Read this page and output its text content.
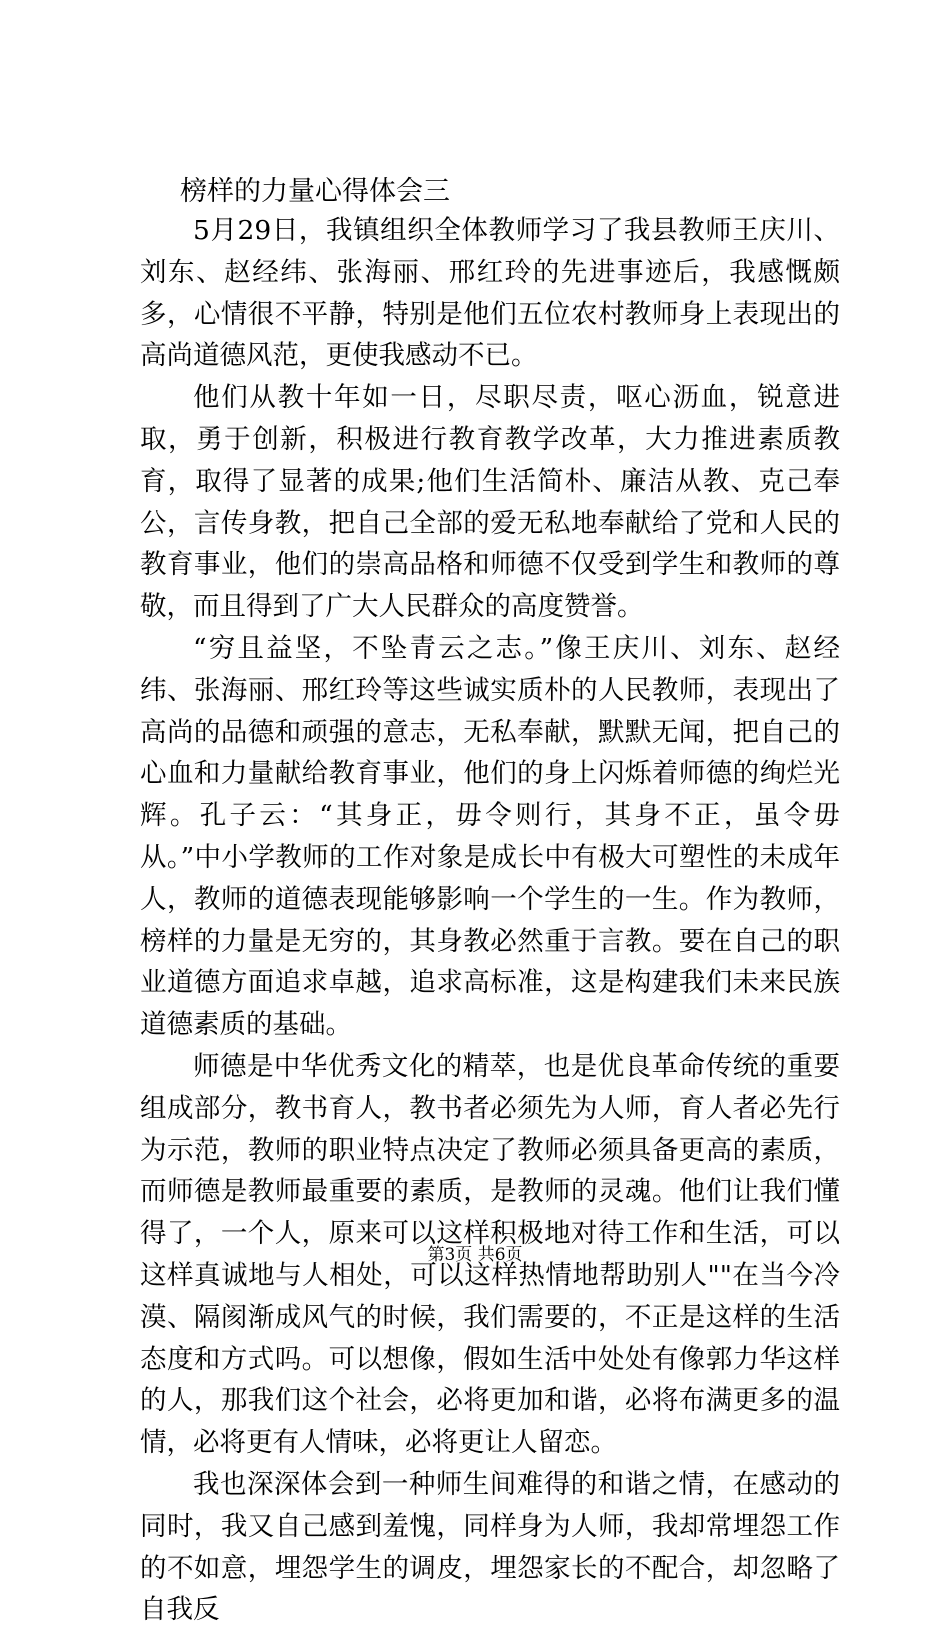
榜样的力量心得体会三

5月29日，我镇组织全体教师学习了我县教师王庆川、刘东、赵经纬、张海丽、邢红玲的先进事迹后，我感慨颇多，心情很不平静，特别是他们五位农村教师身上表现出的高尚道德风范，更使我感动不已。

他们从教十年如一日，尽职尽责，呕心沥血，锐意进取，勇于创新，积极进行教育教学改革，大力推进素质教育，取得了显著的成果;他们生活简朴、廉洁从教、克己奉公，言传身教，把自己全部的爱无私地奉献给了党和人民的教育事业，他们的崇高品格和师德不仅受到学生和教师的尊敬，而且得到了广大人民群众的高度赞誉。

“穷且益坚，不坠青云之志。”像王庆川、刘东、赵经纬、张海丽、邢红玲等这些诚实质朴的人民教师，表现出了高尚的品德和顽强的意志，无私奉献，默默无闻，把自己的心血和力量献给教育事业，他们的身上闪烁着师德的绚烂光辉。孔子云：“其身正，毋令则行，其身不正，虽令毋从。”中小学教师的工作对象是成长中有极大可塑性的未成年人，教师的道德表现能够影响一个学生的一生。作为教师，榜样的力量是无穷的，其身教必然重于言教。要在自己的职业道德方面追求卓越，追求高标准，这是构建我们未来民族道德素质的基础。

师德是中华优秀文化的精萃，也是优良革命传统的重要组成部分，教书育人，教书者必须先为人师，育人者必先行为示范，教师的职业特点决定了教师必须具备更高的素质，而师德是教师最重要的素质，是教师的灵魂。他们让我们懂得了，一个人，原来可以这样积极地对待工作和生活，可以这样真诚地与人相处，可以这样热情地帮助别人""在当今冷漠、隔阂渐成风气的时候，我们需要的，不正是这样的生活态度和方式吗。可以想像，假如生活中处处有像郭力华这样的人，那我们这个社会，必将更加和谐，必将布满更多的温情，必将更有人情味，必将更让人留恋。

我也深深体会到一种师生间难得的和谐之情，在感动的同时，我又自己感到羞愧，同样身为人师，我却常埋怨工作的不如意，埋怨学生的调皮，埋怨家长的不配合，却忽略了自我反

第3页 共6页
